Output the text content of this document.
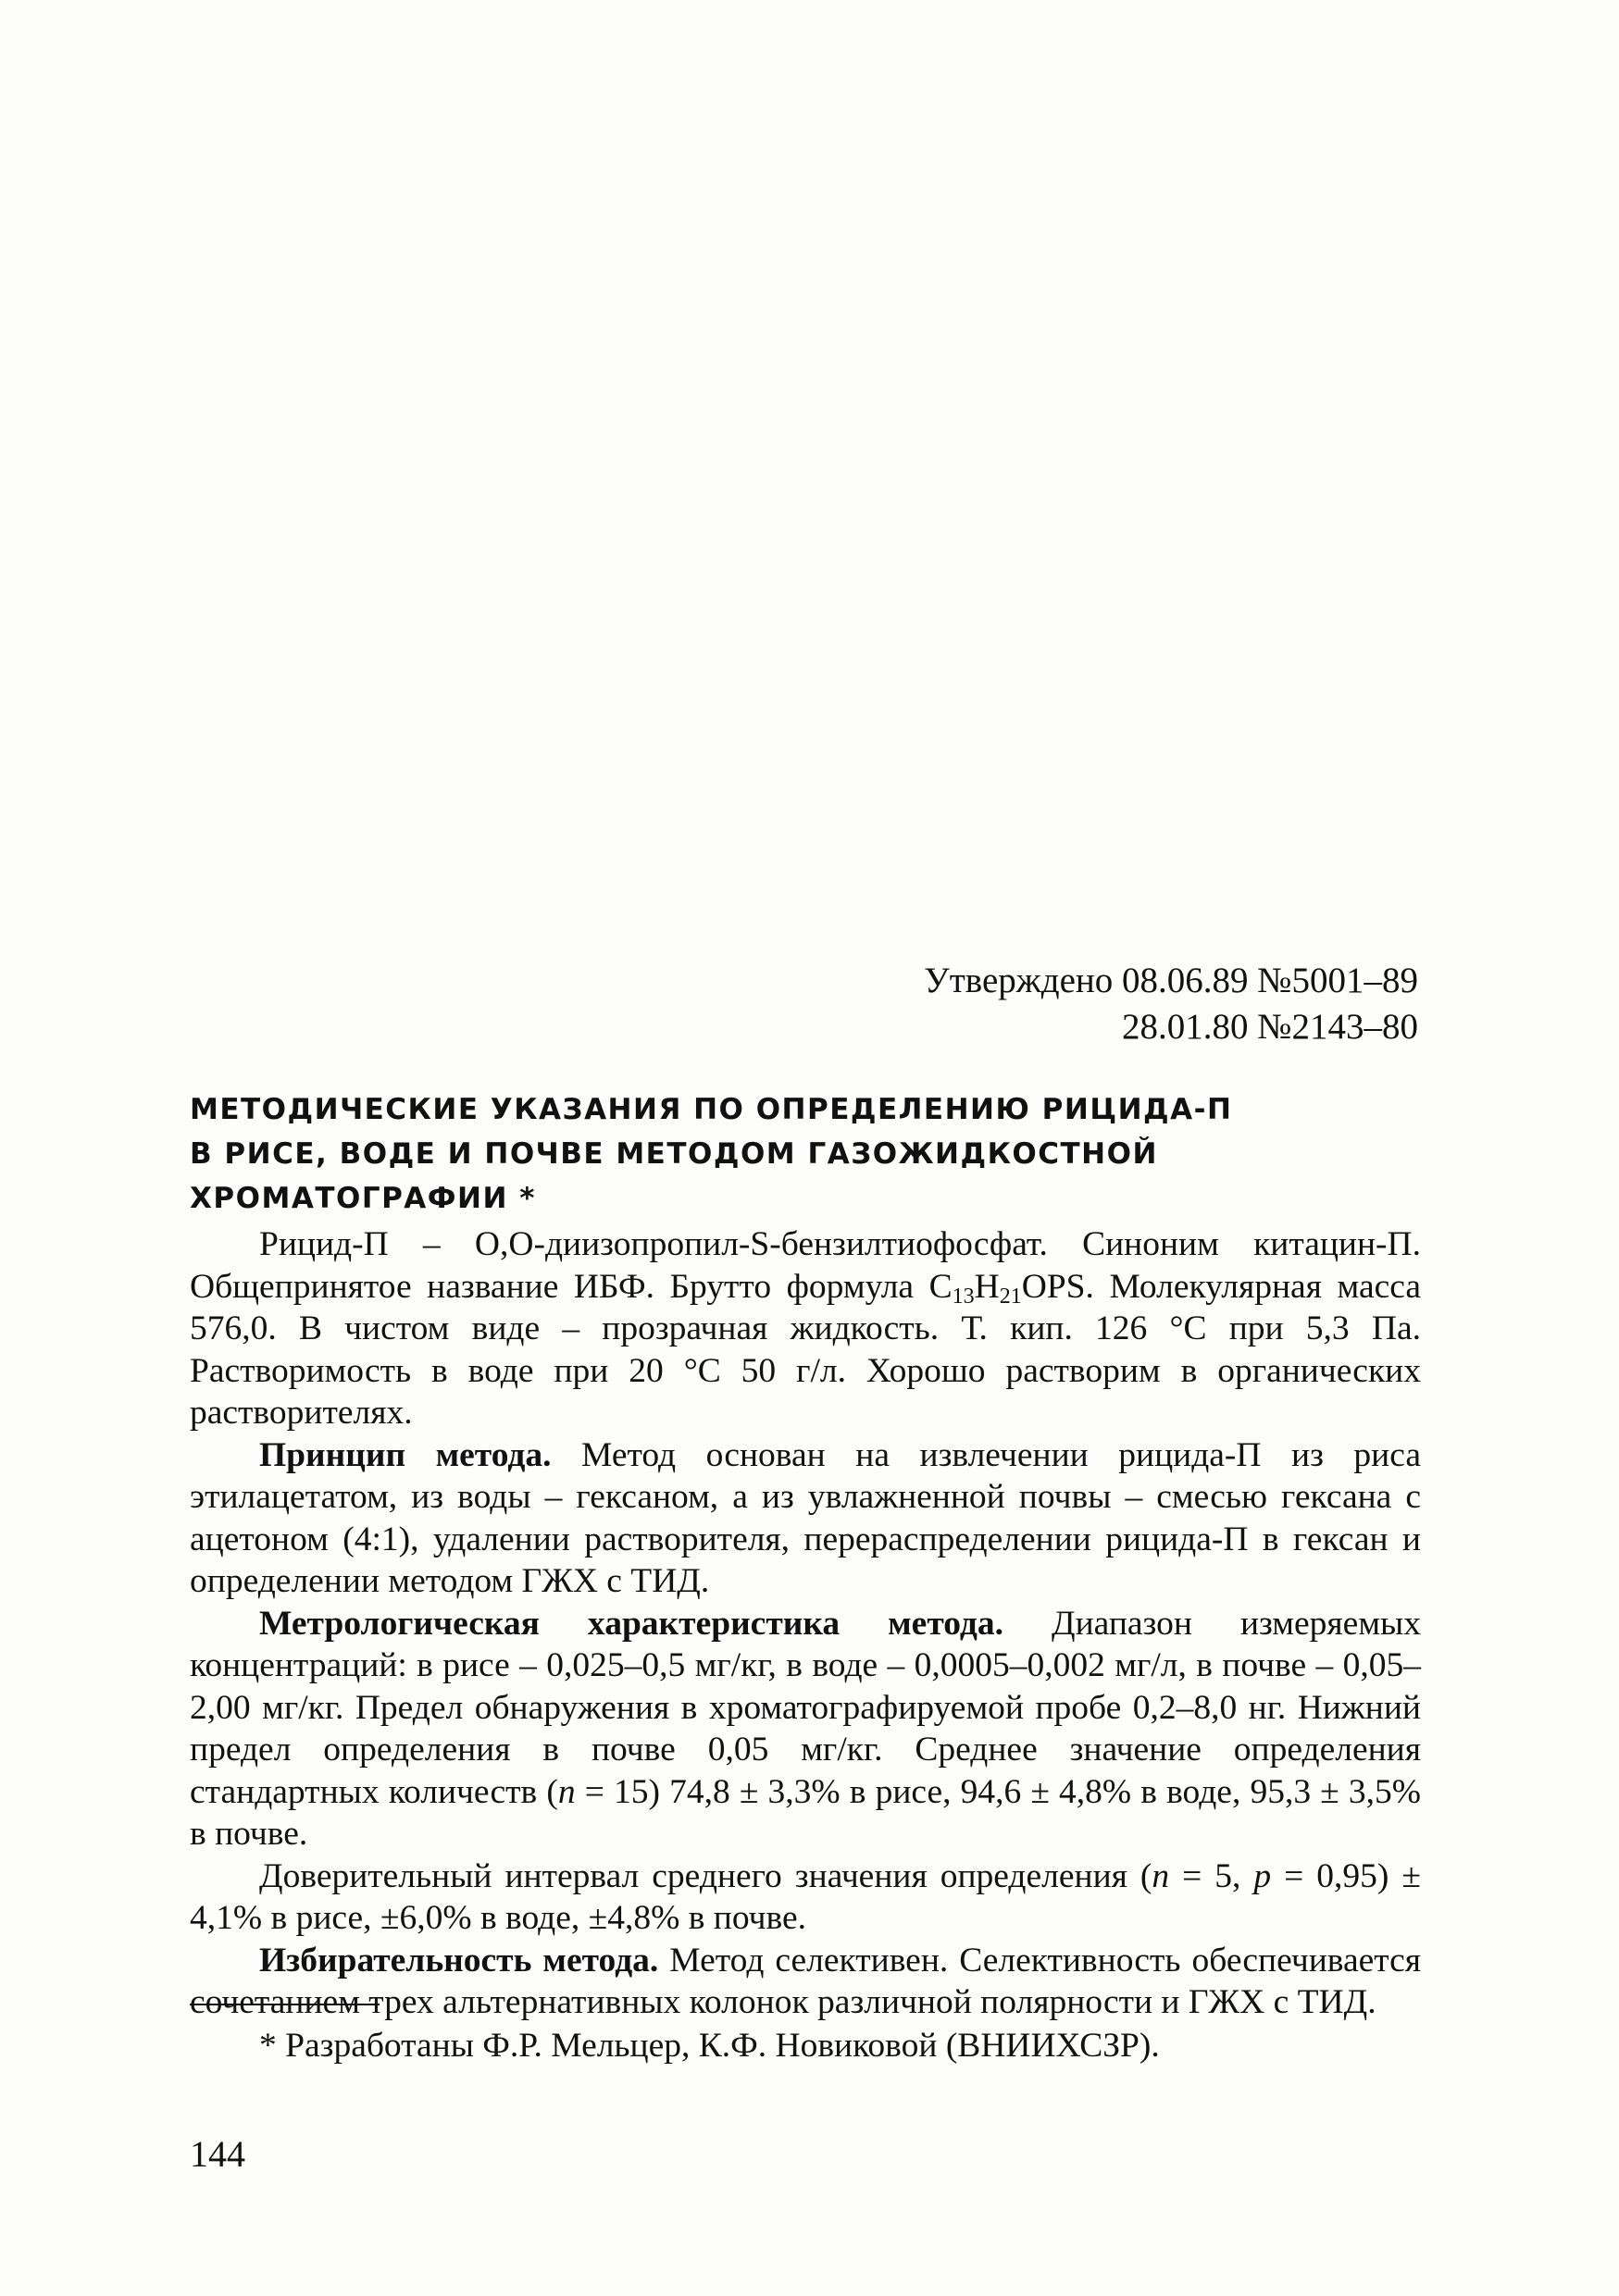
Утверждено 08.06.89 №5001–89
28.01.80 №2143–80
МЕТОДИЧЕСКИЕ УКАЗАНИЯ ПО ОПРЕДЕЛЕНИЮ РИЦИДА-П
В РИСЕ, ВОДЕ И ПОЧВЕ МЕТОДОМ ГАЗОЖИДКОСТНОЙ
ХРОМАТОГРАФИИ *

Рицид-П – О,О-диизопропил-S-бензилтиофосфат. Синоним китацин-П. Общепринятое название ИБФ. Брутто формула $C_{13}H_{21}OPS$. Молекулярная масса 576,0. В чистом виде – прозрачная жидкость. Т. кип. 126 °С при 5,3 Па. Растворимость в воде при 20 °С 50 г/л. Хорошо растворим в органических растворителях.

Принцип метода. Метод основан на извлечении рицида-П из риса этилацетатом, из воды – гексаном, а из увлажненной почвы – смесью гексана с ацетоном (4:1), удалении растворителя, перераспределении рицида-П в гексан и определении методом ГЖХ с ТИД.

Метрологическая характеристика метода. Диапазон измеряемых концентраций: в рисе – 0,025–0,5 мг/кг, в воде – 0,0005–0,002 мг/л, в почве – 0,05–2,00 мг/кг. Предел обнаружения в хроматографируемой пробе 0,2–8,0 нг. Нижний предел определения в почве 0,05 мг/кг. Среднее значение определения стандартных количеств (n = 15) 74,8 ± 3,3% в рисе, 94,6 ± 4,8% в воде, 95,3 ± 3,5% в почве.

Доверительный интервал среднего значения определения (n = 5, p = 0,95) ± 4,1% в рисе, ±6,0% в воде, ±4,8% в почве.

Избирательность метода. Метод селективен. Селективность обеспечивается сочетанием трех альтернативных колонок различной полярности и ГЖХ с ТИД.

* Разработаны Ф.Р. Мельцер, К.Ф. Новиковой (ВНИИХСЗР).
144
